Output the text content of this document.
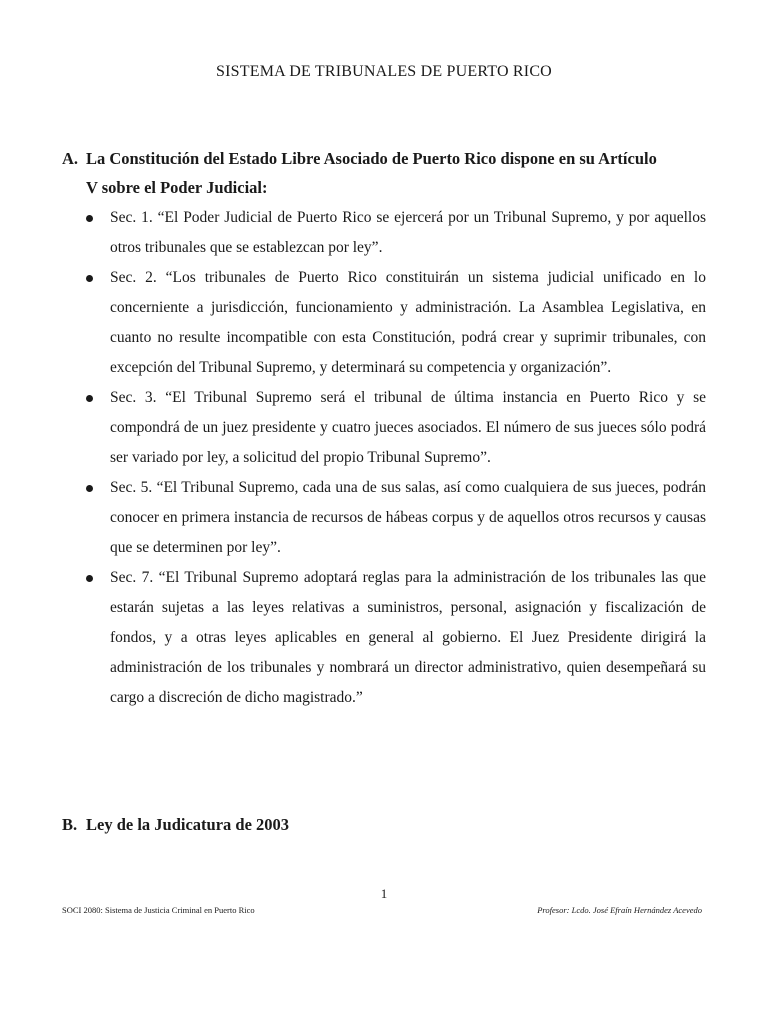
SISTEMA DE TRIBUNALES DE PUERTO RICO
A. La Constitución del Estado Libre Asociado de Puerto Rico dispone en su Artículo
V sobre el Poder Judicial:
Sec. 1. “El Poder Judicial de Puerto Rico se ejercerá por un Tribunal Supremo, y por aquellos otros tribunales que se establezcan por ley”.
Sec. 2. “Los tribunales de Puerto Rico constituirán un sistema judicial unificado en lo concerniente a jurisdicción, funcionamiento y administración. La Asamblea Legislativa, en cuanto no resulte incompatible con esta Constitución, podrá crear y suprimir tribunales, con excepción del Tribunal Supremo, y determinará su competencia y organización”.
Sec. 3. “El Tribunal Supremo será el tribunal de última instancia en Puerto Rico y se compondrá de un juez presidente y cuatro jueces asociados. El número de sus jueces sólo podrá ser variado por ley, a solicitud del propio Tribunal Supremo”.
Sec. 5. “El Tribunal Supremo, cada una de sus salas, así como cualquiera de sus jueces, podrán conocer en primera instancia de recursos de hábeas corpus y de aquellos otros recursos y causas que se determinen por ley”.
Sec. 7. “El Tribunal Supremo adoptará reglas para la administración de los tribunales las que estarán sujetas a las leyes relativas a suministros, personal, asignación y fiscalización de fondos, y a otras leyes aplicables en general al gobierno. El Juez Presidente dirigirá la administración de los tribunales y nombrará un director administrativo, quien desempeñará su cargo a discreción de dicho magistrado.”
B. Ley de la Judicatura de 2003
1
SOCI 2080: Sistema de Justicia Criminal en Puerto Rico	Profesor: Lcdo. José Efraín Hernández Acevedo
